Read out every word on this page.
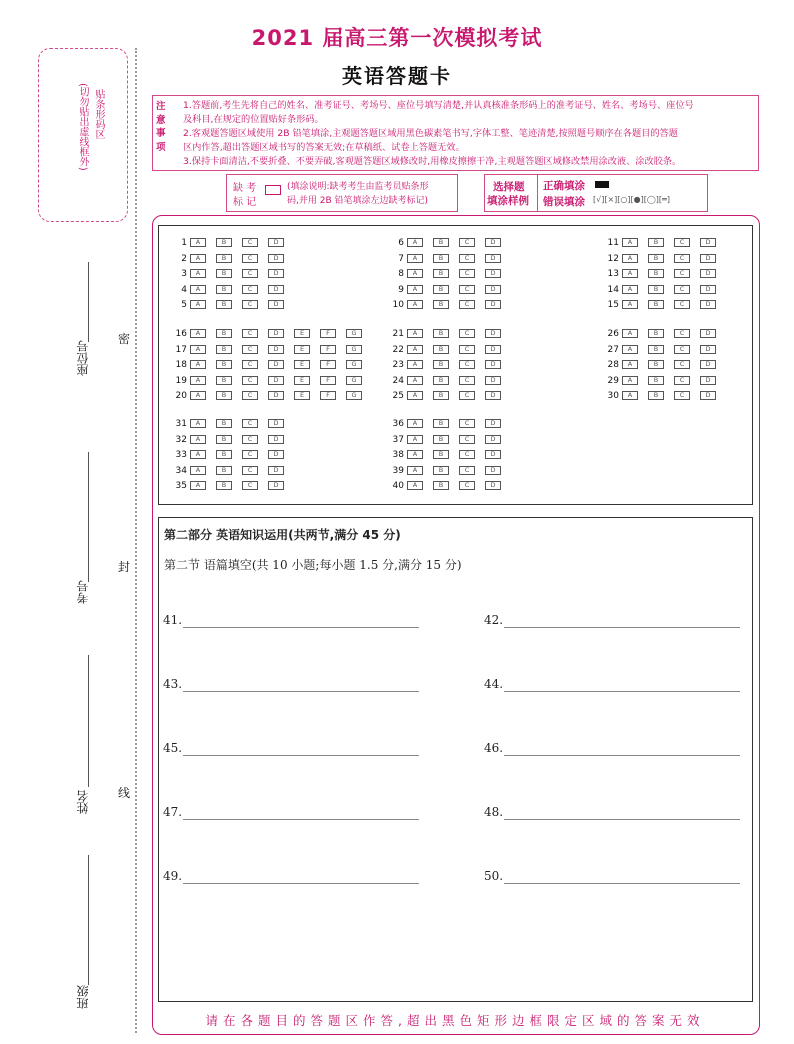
2021 届高三第一次模拟考试
英语答题卡
贴条形码区
(切勿贴出虚线框外)	注意事项
1.答题前,考生先将自己的姓名、准考证号、考场号、座位号填写清楚,并认真核准条形码上的准考证号、姓名、考场号、座位号
及科目,在规定的位置贴好条形码。
2.客观题答题区域使用 2B 铅笔填涂,主观题答题区域用黑色碳素笔书写,字体工整、笔迹清楚,按照题号顺序在各题目的答题
区内作答,超出答题区域书写的答案无效;在草稿纸、试卷上答题无效。
3.保持卡面清洁,不要折叠、不要弄破,客观题答题区域修改时,用橡皮擦擦干净,主观题答题区域修改禁用涂改液、涂改胶条。
缺 考
标 记
(填涂说明:缺考考生由监考员贴条形
码,并用 2B 铅笔填涂左边缺考标记)
选择题
填涂样例
正确填涂
错误填涂 [√][×][○][●][◯][═]
座位号
考号
姓名
班级
密
封
线
1 A	B	C	D
2 A	B	C	D
3 A	B	C	D
4 A	B	C	D
5 A	B	C	D
6 A	B	C	D
7 A	B	C	D
8 A	B	C	D
9 A	B	C	D
10 A	B	C	D
11 A	B	C	D
12 A	B	C	D
13 A	B	C	D
14 A	B	C	D
15 A	B	C	D
16 A	B	C	D	E	F	G
17 A	B	C	D	E	F	G
18 A	B	C	D	E	F	G
19 A	B	C	D	E	F	G
20 A	B	C	D	E	F	G
21 A	B	C	D
22 A	B	C	D
23 A	B	C	D
24 A	B	C	D
25 A	B	C	D
26 A	B	C	D
27 A	B	C	D
28 A	B	C	D
29 A	B	C	D
30 A	B	C	D
31 A	B	C	D
32 A	B	C	D
33 A	B	C	D
34 A	B	C	D
35 A	B	C	D
36 A	B	C	D
37 A	B	C	D
38 A	B	C	D
39 A	B	C	D
40 A	B	C	D
第二部分 英语知识运用(共两节,满分 45 分)
第二节 语篇填空(共 10 小题;每小题 1.5 分,满分 15 分)
41.	42.
43.	44.
45.	46.
47.	48.
49.	50.
请在各题目的答题区作答,超出黑色矩形边框限定区域的答案无效
